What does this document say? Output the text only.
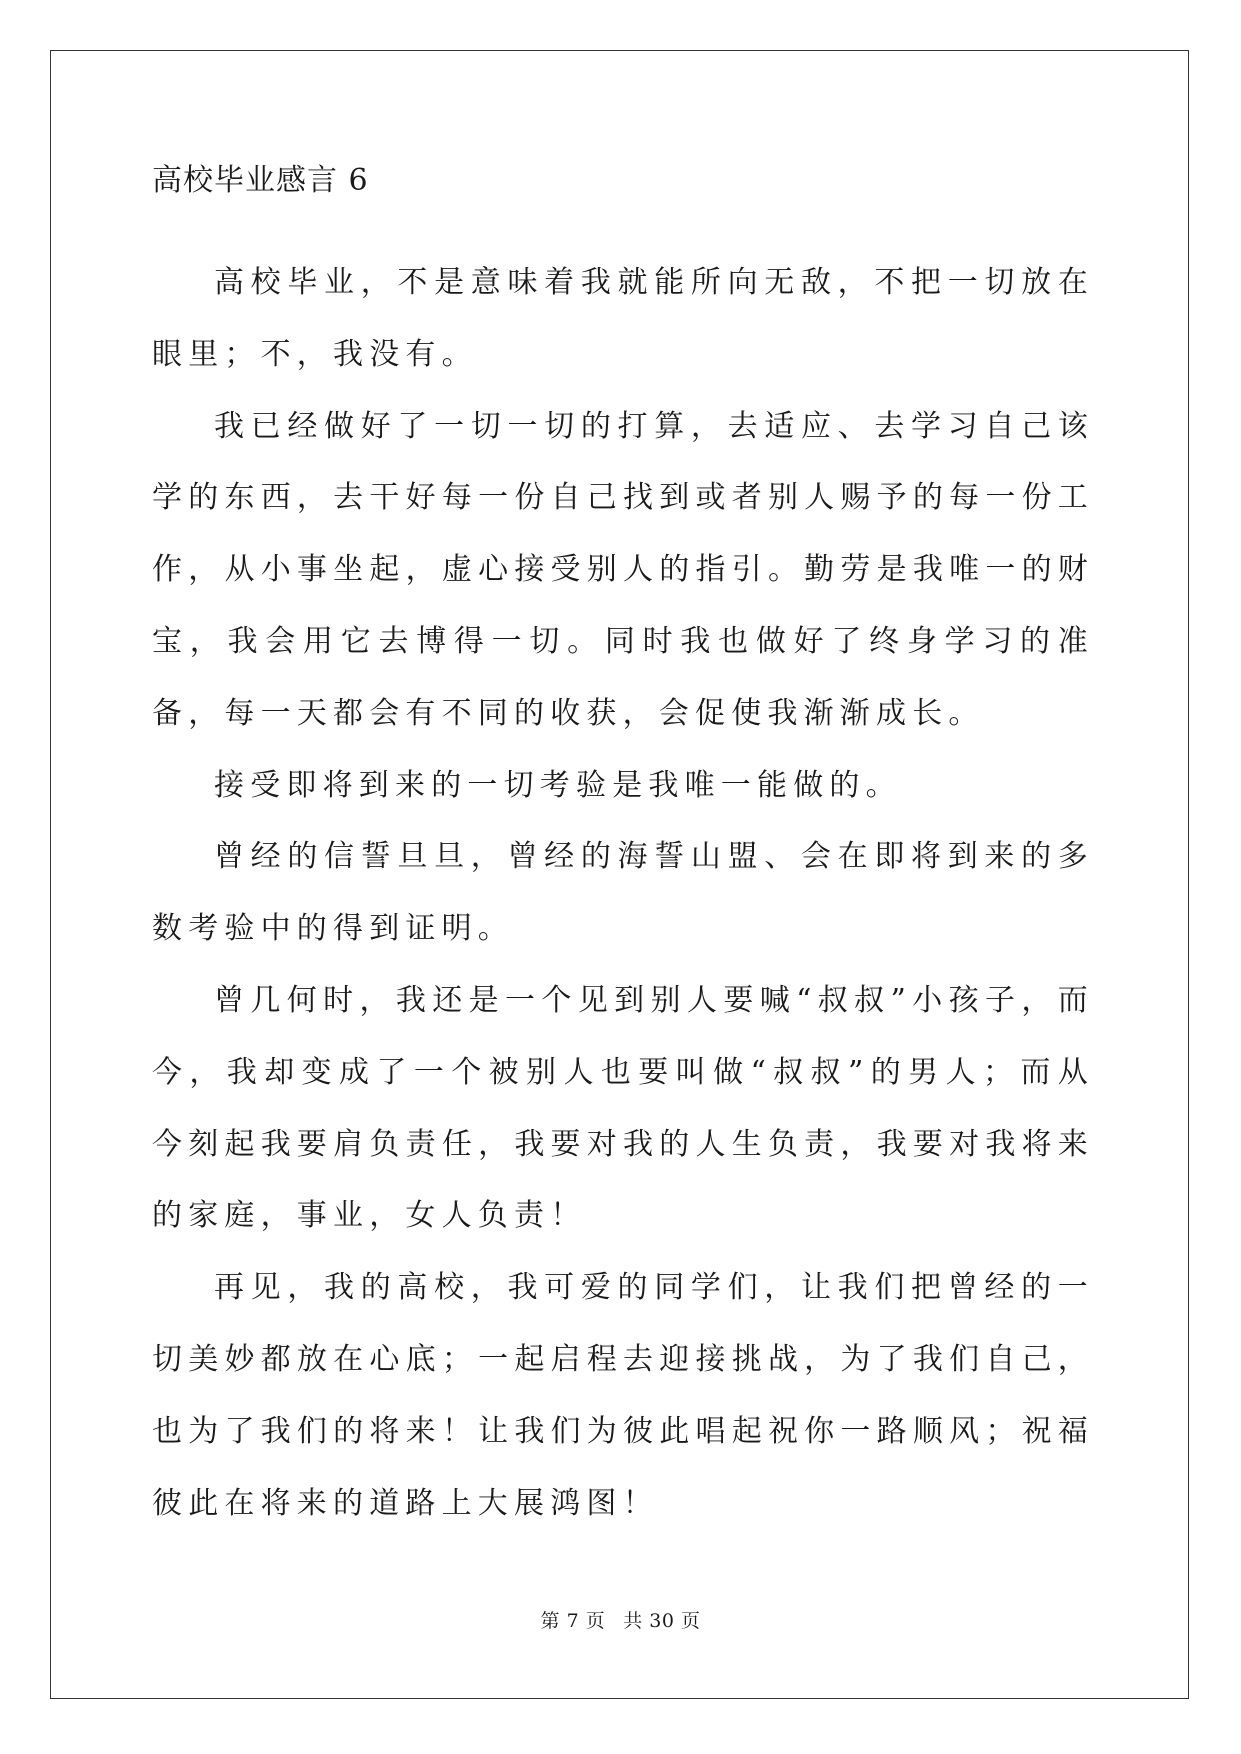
高校毕业感言 6

高校毕业，不是意味着我就能所向无敌，不把一切放在眼里；不，我没有。

我已经做好了一切一切的打算，去适应、去学习自己该学的东西，去干好每一份自己找到或者别人赐予的每一份工作，从小事坐起，虚心接受别人的指引。勤劳是我唯一的财宝，我会用它去博得一切。同时我也做好了终身学习的准备，每一天都会有不同的收获，会促使我渐渐成长。

接受即将到来的一切考验是我唯一能做的。

曾经的信誓旦旦，曾经的海誓山盟、会在即将到来的多数考验中的得到证明。

曾几何时，我还是一个见到别人要喊“叔叔”小孩子，而今，我却变成了一个被别人也要叫做“叔叔”的男人；而从今刻起我要肩负责任，我要对我的人生负责，我要对我将来的家庭，事业，女人负责！

再见，我的高校，我可爱的同学们，让我们把曾经的一切美妙都放在心底；一起启程去迎接挑战，为了我们自己，也为了我们的将来！让我们为彼此唱起祝你一路顺风；祝福彼此在将来的道路上大展鸿图！

第 7 页 共 30 页
